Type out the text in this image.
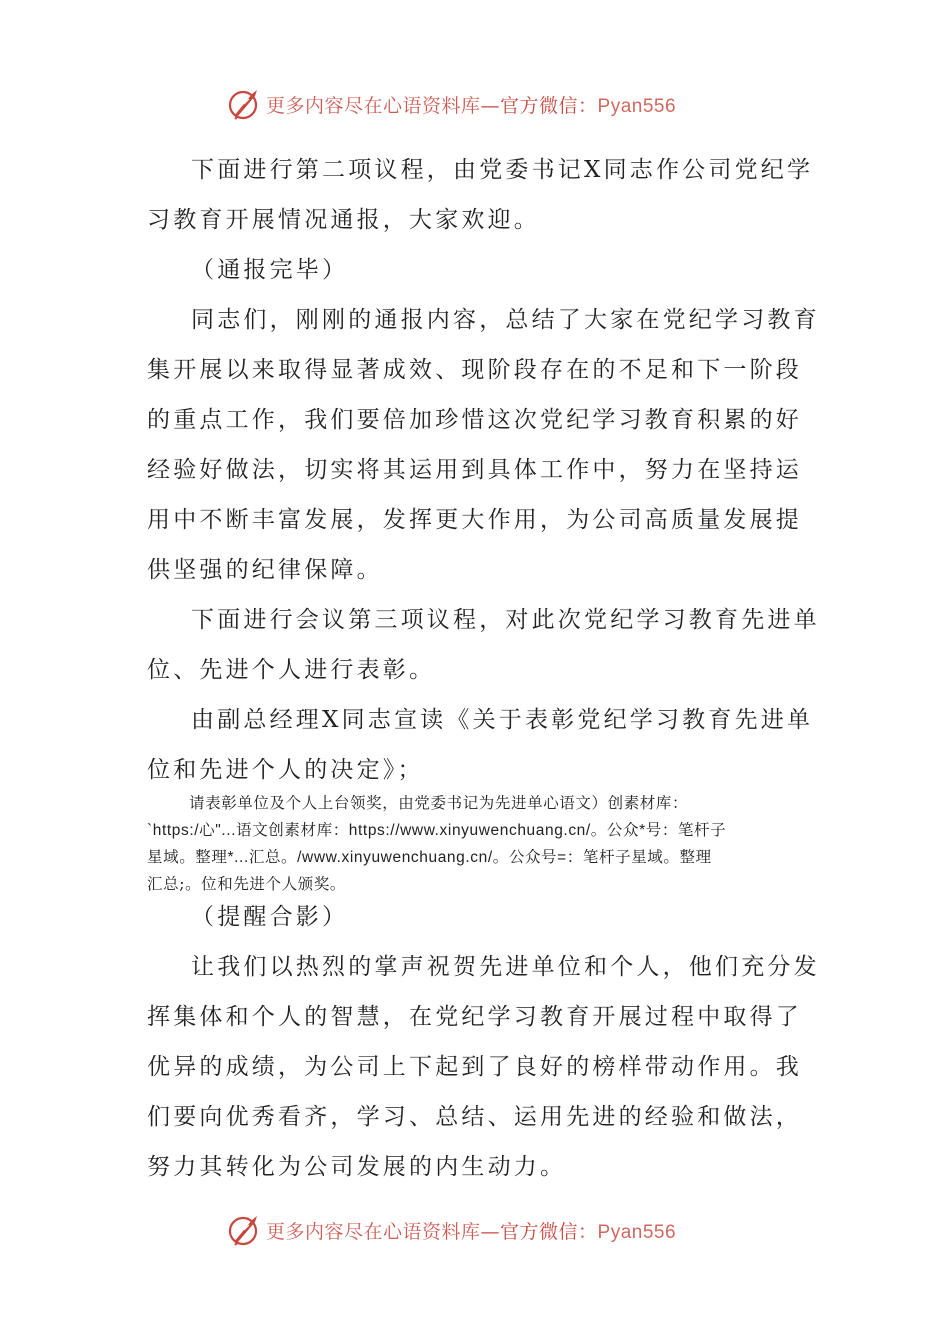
更多内容尽在心语资料库—官方微信：Pyan556
下面进行第二项议程，由党委书记X同志作公司党纪学
习教育开展情况通报，大家欢迎。
（通报完毕）
同志们，刚刚的通报内容，总结了大家在党纪学习教育
集开展以来取得显著成效、现阶段存在的不足和下一阶段
的重点工作，我们要倍加珍惜这次党纪学习教育积累的好
经验好做法，切实将其运用到具体工作中，努力在坚持运
用中不断丰富发展，发挥更大作用，为公司高质量发展提
供坚强的纪律保障。
下面进行会议第三项议程，对此次党纪学习教育先进单
位、先进个人进行表彰。
由副总经理X同志宣读《关于表彰党纪学习教育先进单
位和先进个人的决定》；
请表彰单位及个人上台领奖，由党委书记为先进单心语文）创素材库：
`https:/心"...语文创素材库：https://www.xinyuwenchuang.cn/。公众*号：笔杆子
星域。整理*...汇总。/www.xinyuwenchuang.cn/。公众号=：笔杆子星域。整理
汇总;。位和先进个人颁奖。
（提醒合影）
让我们以热烈的掌声祝贺先进单位和个人，他们充分发
挥集体和个人的智慧，在党纪学习教育开展过程中取得了
优异的成绩，为公司上下起到了良好的榜样带动作用。我
们要向优秀看齐，学习、总结、运用先进的经验和做法，
努力其转化为公司发展的内生动力。
更多内容尽在心语资料库—官方微信：Pyan556
